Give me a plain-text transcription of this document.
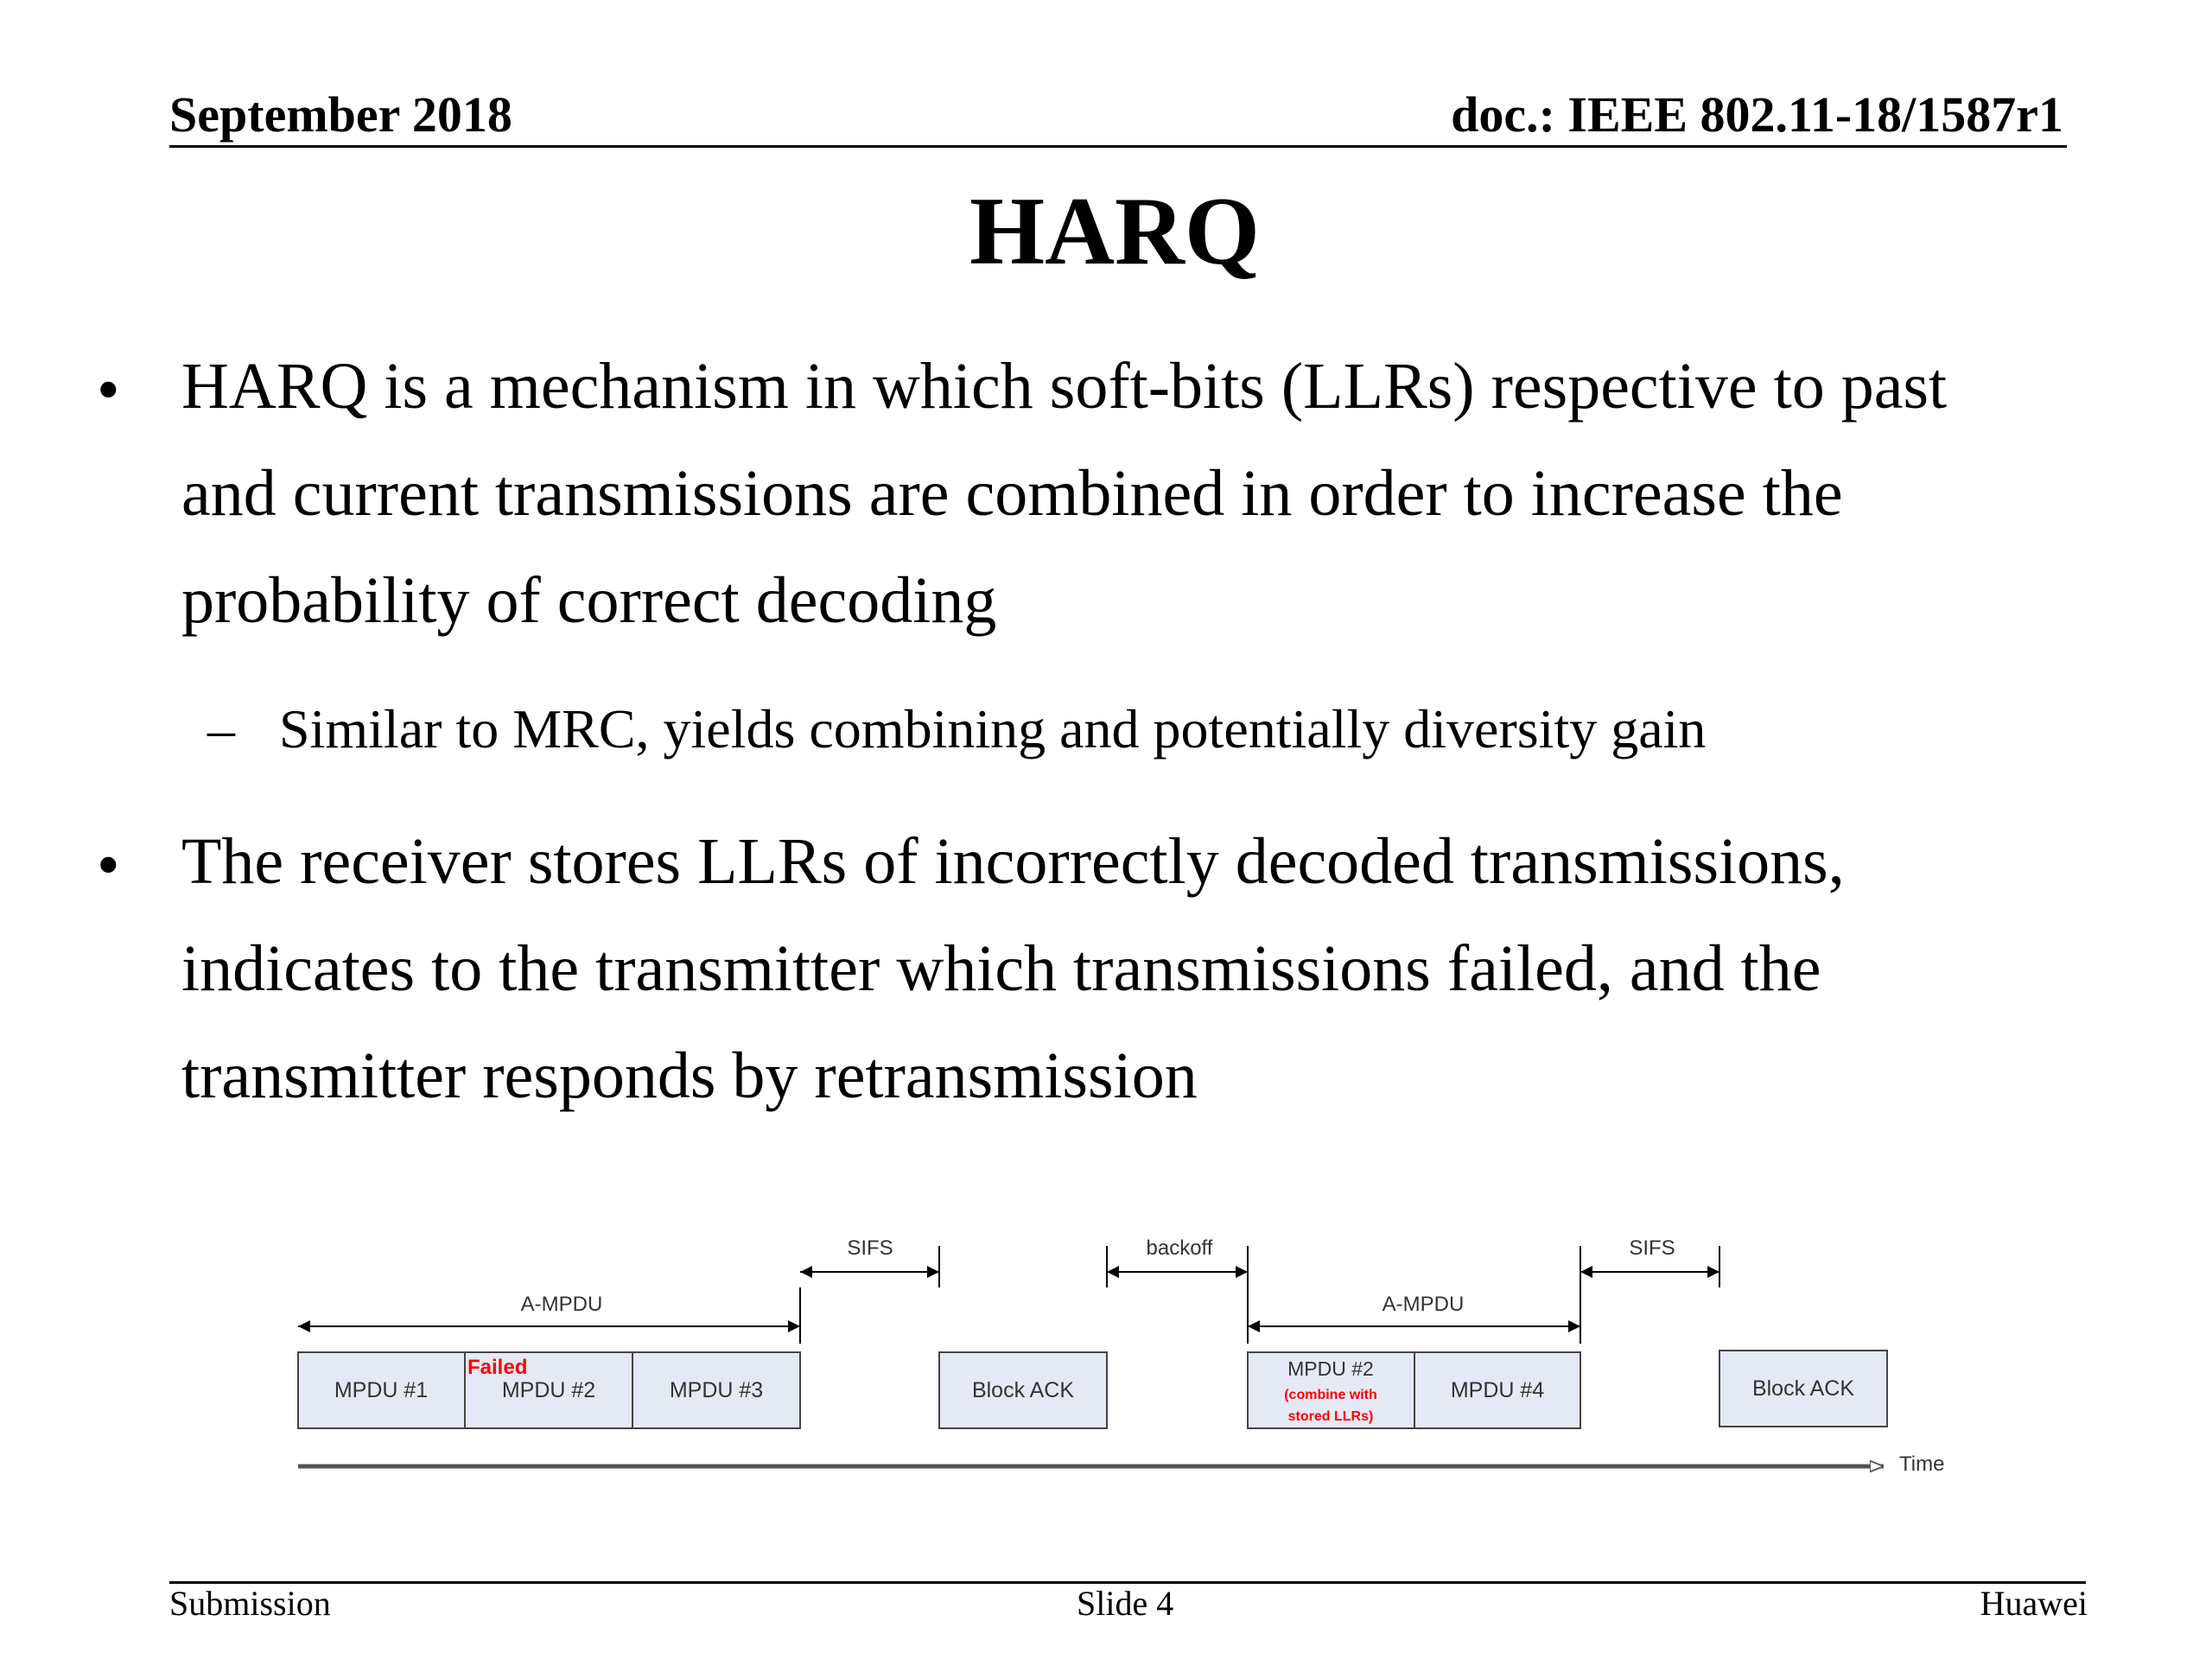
September 2018	doc.: IEEE 802.11-18/1587r1
HARQ
• HARQ is a mechanism in which soft-bits (LLRs) respective to past
and current transmissions are combined in order to increase the
probability of correct decoding
– Similar to MRC, yields combining and potentially diversity gain
• The receiver stores LLRs of incorrectly decoded transmissions,
indicates to the transmitter which transmissions failed, and the
transmitter responds by retransmission
A-MPDU
SIFS	backoff
A-MPDU
SIFS
MPDU #1	MPDU #2
Failed
MPDU #3	Block ACK
MPDU #2
(combine with
stored LLRs)
MPDU #4	Block ACK
Time
Submission	Slide 4	Huawei
